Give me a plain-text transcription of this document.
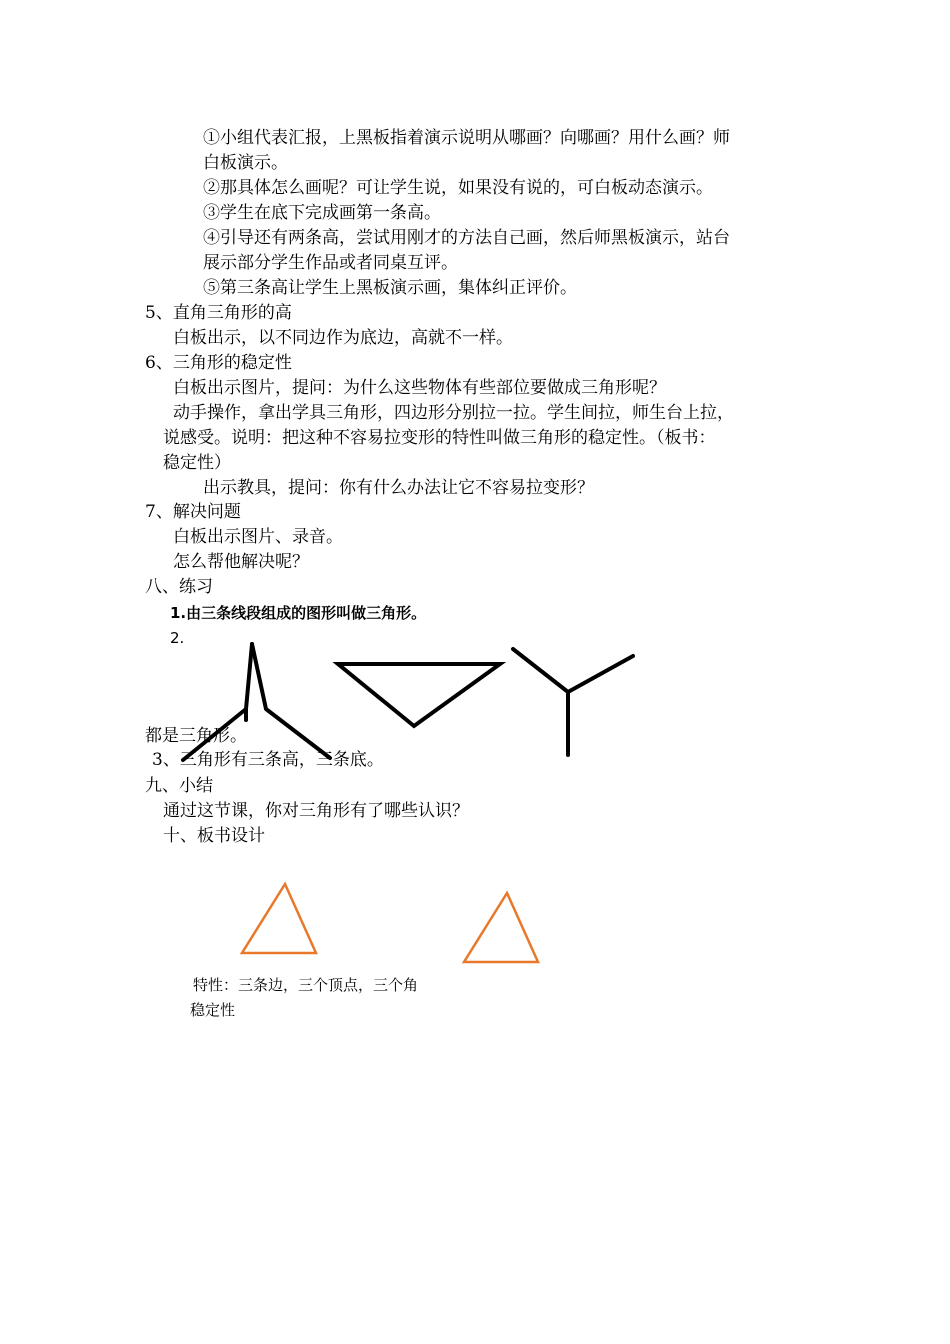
①小组代表汇报，上黑板指着演示说明从哪画？向哪画？用什么画？师
白板演示。
②那具体怎么画呢？可让学生说，如果没有说的，可白板动态演示。
③学生在底下完成画第一条高。
④引导还有两条高，尝试用刚才的方法自己画，然后师黑板演示，站台
展示部分学生作品或者同桌互评。
⑤第三条高让学生上黑板演示画，集体纠正评价。
5、直角三角形的高
白板出示，以不同边作为底边，高就不一样。
6、三角形的稳定性
白板出示图片，提问：为什么这些物体有些部位要做成三角形呢？
动手操作，拿出学具三角形，四边形分别拉一拉。学生间拉，师生台上拉，
说感受。说明：把这种不容易拉变形的特性叫做三角形的稳定性。（板书：
稳定性）
出示教具，提问：你有什么办法让它不容易拉变形？
7、解决问题
白板出示图片、录音。
怎么帮他解决呢？
八、练习
1.由三条线段组成的图形叫做三角形。
2.
都是三角形。
3、三角形有三条高，三条底。
九、小结
通过这节课，你对三角形有了哪些认识？
十、板书设计
特性：三条边，三个顶点，三个角
稳定性
